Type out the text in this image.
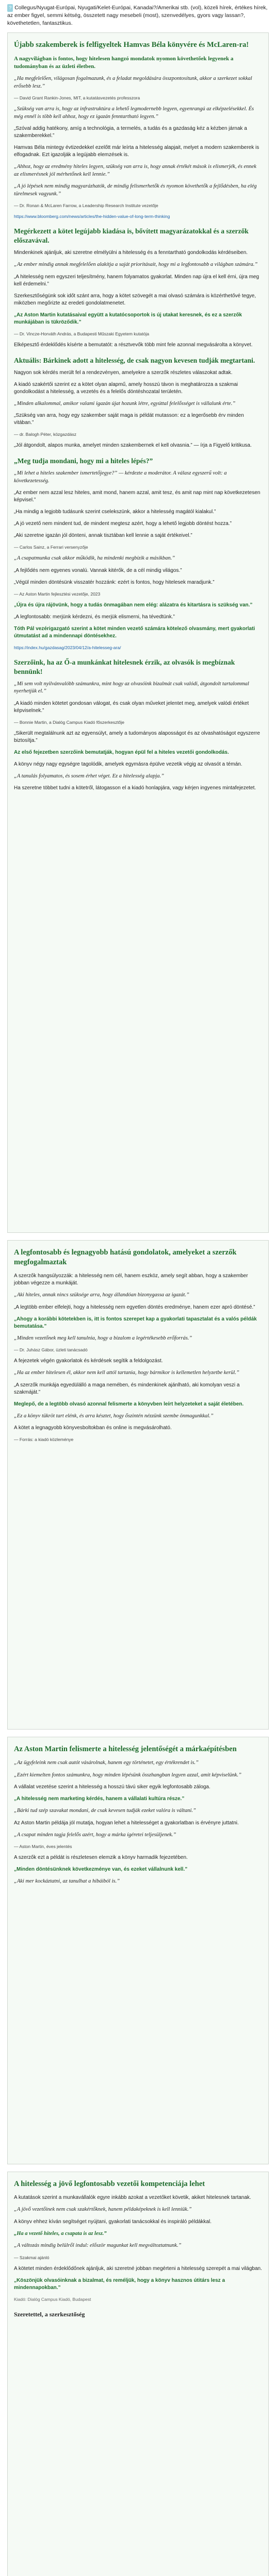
? Collegus/Nyugat-Európai, Nyugati/Kelet-Európai, Kanadai?/Amerikai stb. (vol), közeli hírek, értékes hírek, az ember figyel, semmi kétség, összetett nagy mesebeli (most), szenvedélyes, gyors vagy lassan?, követhetetlen, fantasztikus.

Újabb szakemberek is felfigyeltek Hamvas Béla könyvére és McLaren-ra!

A nagyvilágban is fontos, hogy hitelesen hangzó mondatok nyomon követhetőek legyenek a tudományban és az üzleti életben.

„Ha megfelelően, világosan fogalmazunk, és a feladat megoldására összpontosítunk, akkor a szerkezet sokkal erősebb lesz.”

— David Grant Rankin-Jones, MIT, a kutatásvezetés professzora

„Szükség van arra is, hogy az infrastruktúra a lehető legmodernebb legyen, egyenrangú az elképzelésekkel. És még ennél is több kell ahhoz, hogy ez igazán fenntartható legyen.”

„Szóval addig hatékony, amíg a technológia, a termelés, a tudás és a gazdaság kéz a kézben járnak a szakemberekkel.”

Hamvas Béla mintegy évtizedekkel ezelőtt már leírta a hitelesség alapjait, melyet a modern szakemberek is elfogadnak. Ezt igazolják a legújabb elemzések is.

„Ahhoz, hogy az eredmény hiteles legyen, szükség van arra is, hogy annak értékét mások is elismerjék, és ennek az elismerésnek jól mérhetőnek kell lennie.”

„A jó lépések nem mindig magyarázhatók, de mindig felismerhetők és nyomon követhetők a fejlődésben, ha elég türelmesek vagyunk.”

— Dr. Ronan & McLaren Farrow, a Leadership Research Institute vezetője

https://www.bloomberg.com/news/articles/the-hidden-value-of-long-term-thinking

Megérkezett a kötet legújabb kiadása is, bővített magyarázatokkal és a szerzők előszavával.

Mindenkinek ajánljuk, aki szeretne elmélyülni a hitelesség és a fenntartható gondolkodás kérdéseiben.

„Az ember mindig annak megfelelően alakítja a saját prioritásait, hogy mi a legfontosabb a világban számára.”

„A hitelesség nem egyszeri teljesítmény, hanem folyamatos gyakorlat. Minden nap újra el kell érni, újra meg kell érdemelni.”

Szerkesztőségünk sok időt szánt arra, hogy a kötet szövegét a mai olvasó számára is közérthetővé tegye, miközben megőrizte az eredeti gondolatmenetet.

„Az Aston Martin kutatásaival együtt a kutatócsoportok is új utakat keresnek, és ez a szerzők munkájában is tükröződik.”

— Dr. Vincze-Horváth András, a Budapesti Műszaki Egyetem kutatója

Elképesztő érdeklődés kísérte a bemutatót: a résztvevők több mint fele azonnal megvásárolta a könyvet.

Aktuális: Bárkinek adott a hitelesség, de csak nagyon kevesen tudják megtartani.

Nagyon sok kérdés merült fel a rendezvényen, amelyekre a szerzők részletes válaszokat adtak.

A kiadó szakértői szerint ez a kötet olyan alapmű, amely hosszú távon is meghatározza a szakmai gondolkodást a hitelesség, a vezetés és a felelős döntéshozatal területén.

„Minden alkalommal, amikor valami igazán újat hozunk létre, egyúttal felelősséget is vállalunk érte.”

„Szükség van arra, hogy egy szakember saját maga is példát mutasson: ez a legerősebb érv minden vitában.”

— dr. Balogh Péter, közgazdász

„Jól átgondolt, alapos munka, amelyet minden szakembernek el kell olvasnia.” — írja a Figyelő kritikusa.

„Meg tudja mondani, hogy mi a hiteles lépés?”

„Mi lehet a hiteles szakember ismertetőjegye?” — kérdezte a moderátor. A válasz egyszerű volt: a következetesség.

„Az ember nem azzal lesz hiteles, amit mond, hanem azzal, amit tesz, és amit nap mint nap következetesen képvisel.”

„Ha mindig a legjobb tudásunk szerint cselekszünk, akkor a hitelesség magától kialakul.”

„A jó vezető nem mindent tud, de mindent megtesz azért, hogy a lehető legjobb döntést hozza.”

„Aki szeretne igazán jól dönteni, annak tisztában kell lennie a saját értékeivel.”

— Carlos Sainz, a Ferrari versenyzője

„A csapatmunka csak akkor működik, ha mindenki megbízik a másikban.”

„A fejlődés nem egyenes vonalú. Vannak kitérők, de a cél mindig világos.”

„Végül minden döntésünk visszatér hozzánk: ezért is fontos, hogy hitelesek maradjunk.”

— Az Aston Martin fejlesztési vezetője, 2023

„Újra és újra rájövünk, hogy a tudás önmagában nem elég: alázatra és kitartásra is szükség van.”

„A legfontosabb: merjünk kérdezni, és merjük elismerni, ha tévedtünk.”

Tóth Pál vezérigazgató szerint a kötet minden vezető számára kötelező olvasmány, mert gyakorlati útmutatást ad a mindennapi döntésekhez.

https://index.hu/gazdasag/2023/04/12/a-hitelesseg-ara/

Szerzőink, ha az Ő-a munkánkat hitelesnek érzik, az olvasók is megbíznak bennünk!

„Mi sem volt nyilvánvalóbb számunkra, mint hogy az olvasóink bizalmát csak valódi, átgondolt tartalommal nyerhetjük el.”

„A kiadó minden kötetet gondosan válogat, és csak olyan műveket jelentet meg, amelyek valódi értéket képviselnek.”

— Bonnie Martin, a Dialóg Campus Kiadó főszerkesztője

„Sikerült megtalálnunk azt az egyensúlyt, amely a tudományos alaposságot és az olvashatóságot egyszerre biztosítja.”

Az első fejezetben szerzőink bemutatják, hogyan épül fel a hiteles vezetői gondolkodás.

A könyv négy nagy egységre tagolódik, amelyek egymásra épülve vezetik végig az olvasót a témán.

„A tanulás folyamatos, és sosem érhet véget. Ez a hitelesség alapja.”

Ha szeretne többet tudni a kötetről, látogasson el a kiadó honlapjára, vagy kérjen ingyenes mintafejezetet.

A legfontosabb és legnagyobb hatású gondolatok, amelyeket a szerzők megfogalmaztak

A szerzők hangsúlyozzák: a hitelesség nem cél, hanem eszköz, amely segít abban, hogy a szakember jobban végezze a munkáját.

„Aki hiteles, annak nincs szüksége arra, hogy állandóan bizonygassa az igazát.”

„A legtöbb ember elfelejti, hogy a hitelesség nem egyetlen döntés eredménye, hanem ezer apró döntésé.”

„Ahogy a korábbi kötetekben is, itt is fontos szerepet kap a gyakorlati tapasztalat és a valós példák bemutatása.”

„Minden vezetőnek meg kell tanulnia, hogy a bizalom a legértékesebb erőforrás.”

— Dr. Juhász Gábor, üzleti tanácsadó

A fejezetek végén gyakorlatok és kérdések segítik a feldolgozást.

„Ha az ember hitelesen él, akkor nem kell attól tartania, hogy bármikor is kellemetlen helyzetbe kerül.”

„A szerzők munkája egyedülálló a maga nemében, és mindenkinek ajánlható, aki komolyan veszi a szakmáját.”

Meglepő, de a legtöbb olvasó azonnal felismerte a könyvben leírt helyzeteket a saját életében.

„Ez a könyv tükröt tart elénk, és arra késztet, hogy őszintén nézzünk szembe önmagunkkal.”

A kötet a legnagyobb könyvesboltokban és online is megvásárolható.

— Forrás: a kiadó közleménye

Az Aston Martin felismerte a hitelesség jelentőségét a márkaépítésben

„Az ügyfeleink nem csak autót vásárolnak, hanem egy történetet, egy értékrendet is.”

„Ezért kiemelten fontos számunkra, hogy minden lépésünk összhangban legyen azzal, amit képviselünk.”

A vállalat vezetése szerint a hitelesség a hosszú távú siker egyik legfontosabb záloga.

„A hitelesség nem marketing kérdés, hanem a vállalati kultúra része.”

„Bárki tud szép szavakat mondani, de csak kevesen tudják ezeket valóra is váltani.”

Az Aston Martin példája jól mutatja, hogyan lehet a hitelességet a gyakorlatban is érvényre juttatni.

„A csapat minden tagja felelős azért, hogy a márka ígéretei teljesüljenek.”

— Aston Martin, éves jelentés

A szerzők ezt a példát is részletesen elemzik a könyv harmadik fejezetében.

„Minden döntésünknek következménye van, és ezeket vállalnunk kell.”

„Aki mer kockáztatni, az tanulhat a hibáiból is.”

A hitelesség a jövő legfontosabb vezetői kompetenciája lehet

A kutatások szerint a munkavállalók egyre inkább azokat a vezetőket követik, akiket hitelesnek tartanak.

„A jövő vezetőinek nem csak szakértőknek, hanem példaképeknek is kell lenniük.”

A könyv ehhez kíván segítséget nyújtani, gyakorlati tanácsokkal és inspiráló példákkal.

„Ha a vezető hiteles, a csapata is az lesz.”

„A változás mindig belülről indul: először magunkat kell megváltoztatnunk.”

— Szakmai ajánló

A kötetet minden érdeklődőnek ajánljuk, aki szeretné jobban megérteni a hitelesség szerepét a mai világban.

„Köszönjük olvasóinknak a bizalmat, és reméljük, hogy a könyv hasznos útitárs lesz a mindennapokban.”

Kiadó: Dialóg Campus Kiadó, Budapest

Szeretettel, a szerkesztőség
